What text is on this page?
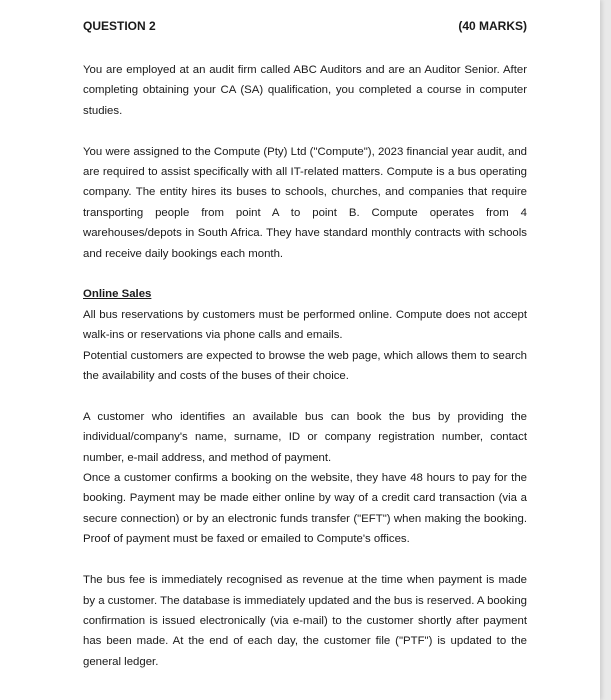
QUESTION 2	(40 MARKS)

You are employed at an audit firm called ABC Auditors and are an Auditor Senior. After completing obtaining your CA (SA) qualification, you completed a course in computer studies.

You were assigned to the Compute (Pty) Ltd ("Compute"), 2023 financial year audit, and are required to assist specifically with all IT-related matters. Compute is a bus operating company. The entity hires its buses to schools, churches, and companies that require transporting people from point A to point B. Compute operates from 4 warehouses/depots in South Africa. They have standard monthly contracts with schools and receive daily bookings each month.

Online Sales

All bus reservations by customers must be performed online. Compute does not accept walk-ins or reservations via phone calls and emails.

Potential customers are expected to browse the web page, which allows them to search the availability and costs of the buses of their choice.

A customer who identifies an available bus can book the bus by providing the individual/company's name, surname, ID or company registration number, contact number, e-mail address, and method of payment.

Once a customer confirms a booking on the website, they have 48 hours to pay for the booking. Payment may be made either online by way of a credit card transaction (via a secure connection) or by an electronic funds transfer ("EFT") when making the booking. Proof of payment must be faxed or emailed to Compute's offices.

The bus fee is immediately recognised as revenue at the time when payment is made by a customer. The database is immediately updated and the bus is reserved. A booking confirmation is issued electronically (via e-mail) to the customer shortly after payment has been made. At the end of each day, the customer file ("PTF") is updated to the general ledger.
